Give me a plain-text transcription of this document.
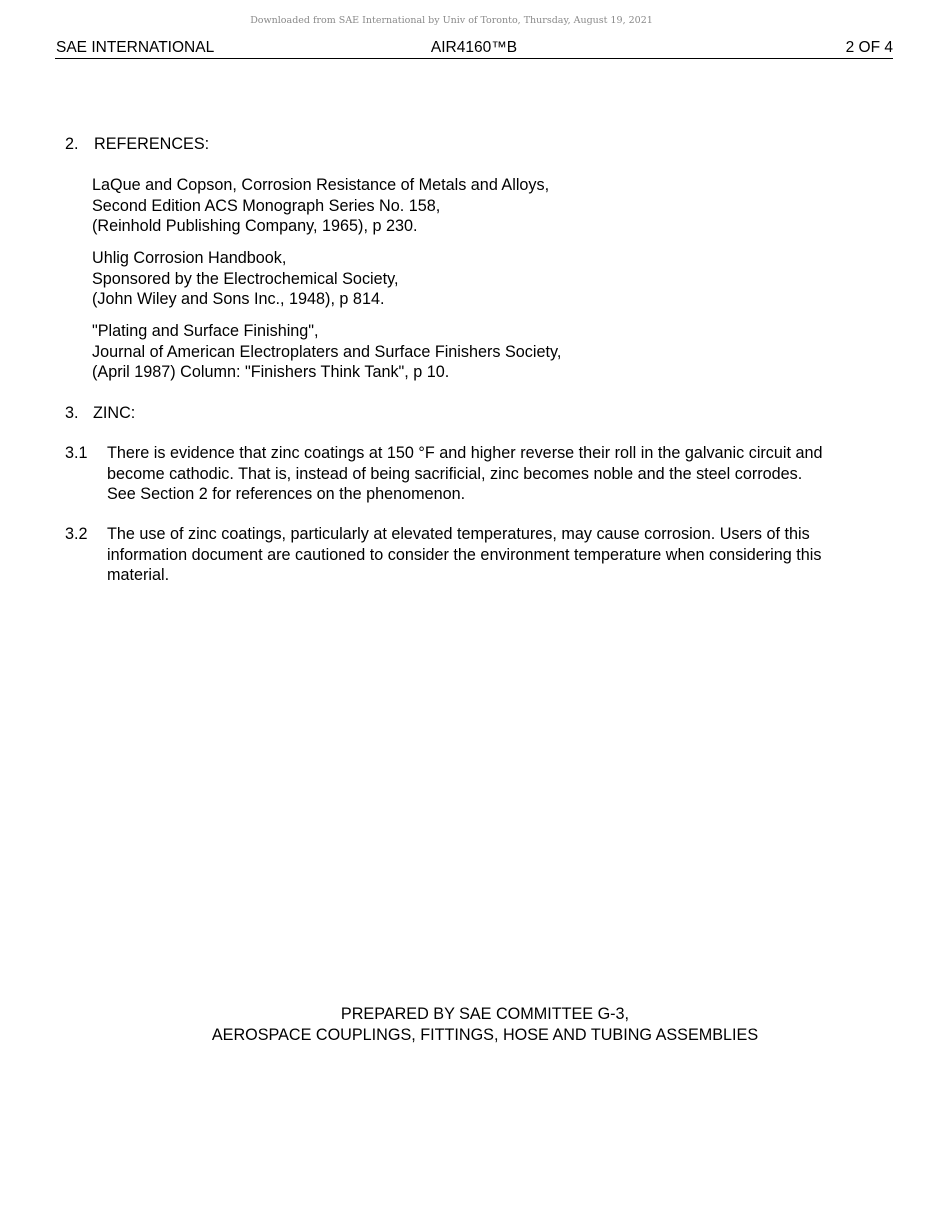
Downloaded from SAE International by Univ of Toronto, Thursday, August 19, 2021
SAE INTERNATIONAL	AIR4160™B	2 OF 4
2. REFERENCES:
LaQue and Copson, Corrosion Resistance of Metals and Alloys,
Second Edition ACS Monograph Series No. 158,
(Reinhold Publishing Company, 1965), p 230.
Uhlig Corrosion Handbook,
Sponsored by the Electrochemical Society,
(John Wiley and Sons Inc., 1948), p 814.
"Plating and Surface Finishing",
Journal of American Electroplaters and Surface Finishers Society,
(April 1987) Column: "Finishers Think Tank", p 10.
3. ZINC:
3.1 There is evidence that zinc coatings at 150 °F and higher reverse their roll in the galvanic circuit and
become cathodic. That is, instead of being sacrificial, zinc becomes noble and the steel corrodes.
See Section 2 for references on the phenomenon.
3.2 The use of zinc coatings, particularly at elevated temperatures, may cause corrosion. Users of this
information document are cautioned to consider the environment temperature when considering this
material.
PREPARED BY SAE COMMITTEE G-3,
AEROSPACE COUPLINGS, FITTINGS, HOSE AND TUBING ASSEMBLIES
